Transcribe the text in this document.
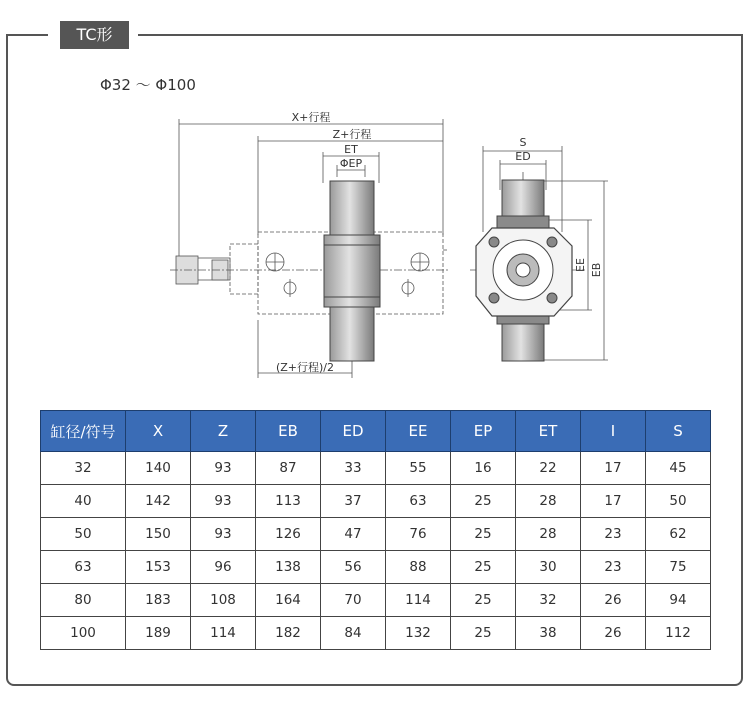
TC形
Φ32 ～ Φ100
X+行程
Z+行程
ET
ΦEP
(Z+行程)/2
S
ED
EE EB
缸径/符号	X	Z	EB	ED	EE	EP	ET	I	S
32	140	93	87	33	55	16	22	17	45
40	142	93	113	37	63	25	28	17	50
50	150	93	126	47	76	25	28	23	62
63	153	96	138	56	88	25	30	23	75
80	183	108	164	70	114	25	32	26	94
100	189	114	182	84	132	25	38	26	112
